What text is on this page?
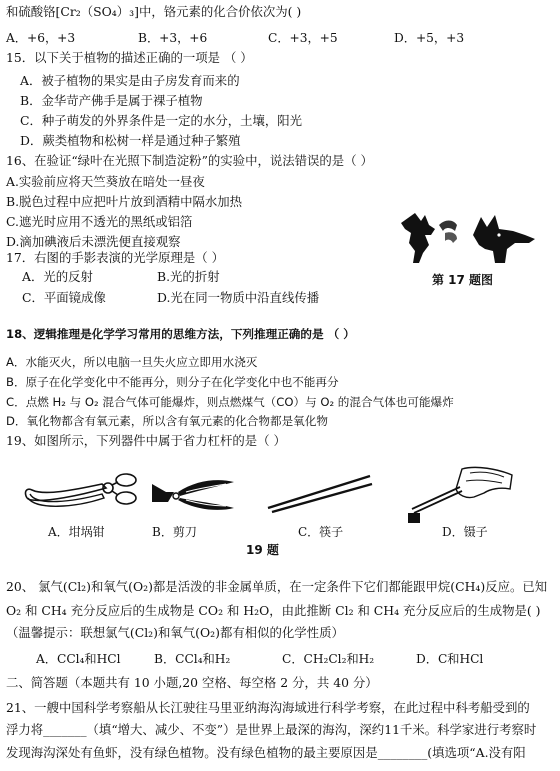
和硫酸铬[Cr₂（SO₄）₃]中，铬元素的化合价依次为( )
A．+6，+3	B．+3，+6	C．+3，+5	D．+5，+3
15．以下关于植物的描述正确的一项是 （ ）
A．被子植物的果实是由子房发育而来的
B．金华苛产佛手是属于裸子植物
C．种子萌发的外界条件是一定的水分，土壤，阳光
D．蕨类植物和松树一样是通过种子繁殖
16、在验证“绿叶在光照下制造淀粉”的实验中，说法错误的是（ ）
A.实验前应将天竺葵放在暗处一昼夜
B.脱色过程中应把叶片放到酒精中隔水加热
C.遮光时应用不透光的黑纸或铝箔
D.滴加碘液后未漂洗便直接观察
17．右图的手影表演的光学原理是（ ）
A．光的反射	B.光的折射
C．平面镜成像	D.光在同一物质中沿直线传播
第 17 题图
18、逻辑推理是化学学习常用的思维方法，下列推理正确的是 （ ）
A．水能灭火，所以电脑一旦失火应立即用水浇灭
B．原子在化学变化中不能再分，则分子在化学变化中也不能再分
C．点燃 H₂ 与 O₂ 混合气体可能爆炸，则点燃煤气（CO）与 O₂ 的混合气体也可能爆炸
D．氧化物都含有氧元素，所以含有氧元素的化合物都是氧化物
19、如图所示，下列器件中属于省力杠杆的是（ ）
A．坩埚钳	B．剪刀	C．筷子	D．镊子
19 题
20、 氯气(Cl₂)和氧气(O₂)都是活泼的非金属单质，在一定条件下它们都能跟甲烷(CH₄)反应。已知
O₂ 和 CH₄ 充分反应后的生成物是 CO₂ 和 H₂O，由此推断 Cl₂ 和 CH₄ 充分反应后的生成物是( )
（温馨提示：联想氯气(Cl₂)和氧气(O₂)都有相似的化学性质）
A．CCl₄和HCl	B．CCl₄和H₂	C．CH₂Cl₂和H₂	D．C和HCl
二、简答题（本题共有 10 小题,20 空格、每空格 2 分，共 40 分）
21、一艘中国科学考察船从长江驶往马里亚纳海沟海域进行科学考察，在此过程中科考船受到的
浮力将_______（填“增大、减少、不变”）是世界上最深的海沟，深约11千米。科学家进行考察时
发现海沟深处有鱼虾，没有绿色植物。没有绿色植物的最主要原因是________(填选项“A.没有阳
